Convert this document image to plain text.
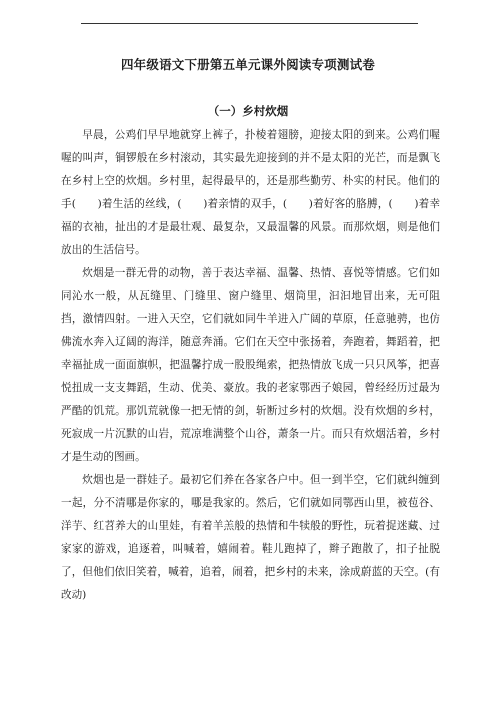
四年级语文下册第五单元课外阅读专项测试卷
（一）乡村炊烟

早晨，公鸡们早早地就穿上裤子，扑棱着翅膀，迎接太阳的到来。公鸡们喔喔的叫声，铜锣般在乡村滚动，其实最先迎接到的并不是太阳的光芒，而是飘飞在乡村上空的炊烟。乡村里，起得最早的，还是那些勤劳、朴实的村民。他们的手(　　)着生活的丝线，(　　)着亲情的双手，(　　)着好客的胳膊，(　　)着幸福的衣袖，扯出的才是最壮观、最复杂，又最温馨的风景。而那炊烟，则是他们放出的生活信号。

炊烟是一群无骨的动物，善于表达幸福、温馨、热情、喜悦等情感。它们如同沁水一般，从瓦缝里、门缝里、窗户缝里、烟筒里，汩汩地冒出来，无可阻挡，激情四射。一进入天空，它们就如同牛羊进入广阔的草原，任意驰骋，也仿佛流水奔入辽阔的海洋，随意奔涌。它们在天空中张扬着，奔跑着，舞蹈着，把幸福扯成一面面旗帜，把温馨拧成一股股绳索，把热情放飞成一只只风筝，把喜悦扭成一支支舞蹈，生动、优美、豪放。我的老家鄂西子娘园，曾经经历过最为严酷的饥荒。那饥荒就像一把无情的剑，斩断过乡村的炊烟。没有炊烟的乡村，死寂成一片沉默的山岩，荒凉堆满整个山谷，萧条一片。而只有炊烟活着，乡村才是生动的图画。

炊烟也是一群娃子。最初它们养在各家各户中。但一到半空，它们就纠缠到一起，分不清哪是你家的，哪是我家的。然后，它们就如同鄂西山里，被苞谷、洋芋、红苕养大的山里娃，有着羊羔般的热情和牛犊般的野性，玩着捉迷藏、过家家的游戏，追逐着，叫喊着，嬉闹着。鞋儿跑掉了，辫子跑散了，扣子扯脱了，但他们依旧笑着，喊着，追着，闹着，把乡村的未来，涂成蔚蓝的天空。(有改动)
